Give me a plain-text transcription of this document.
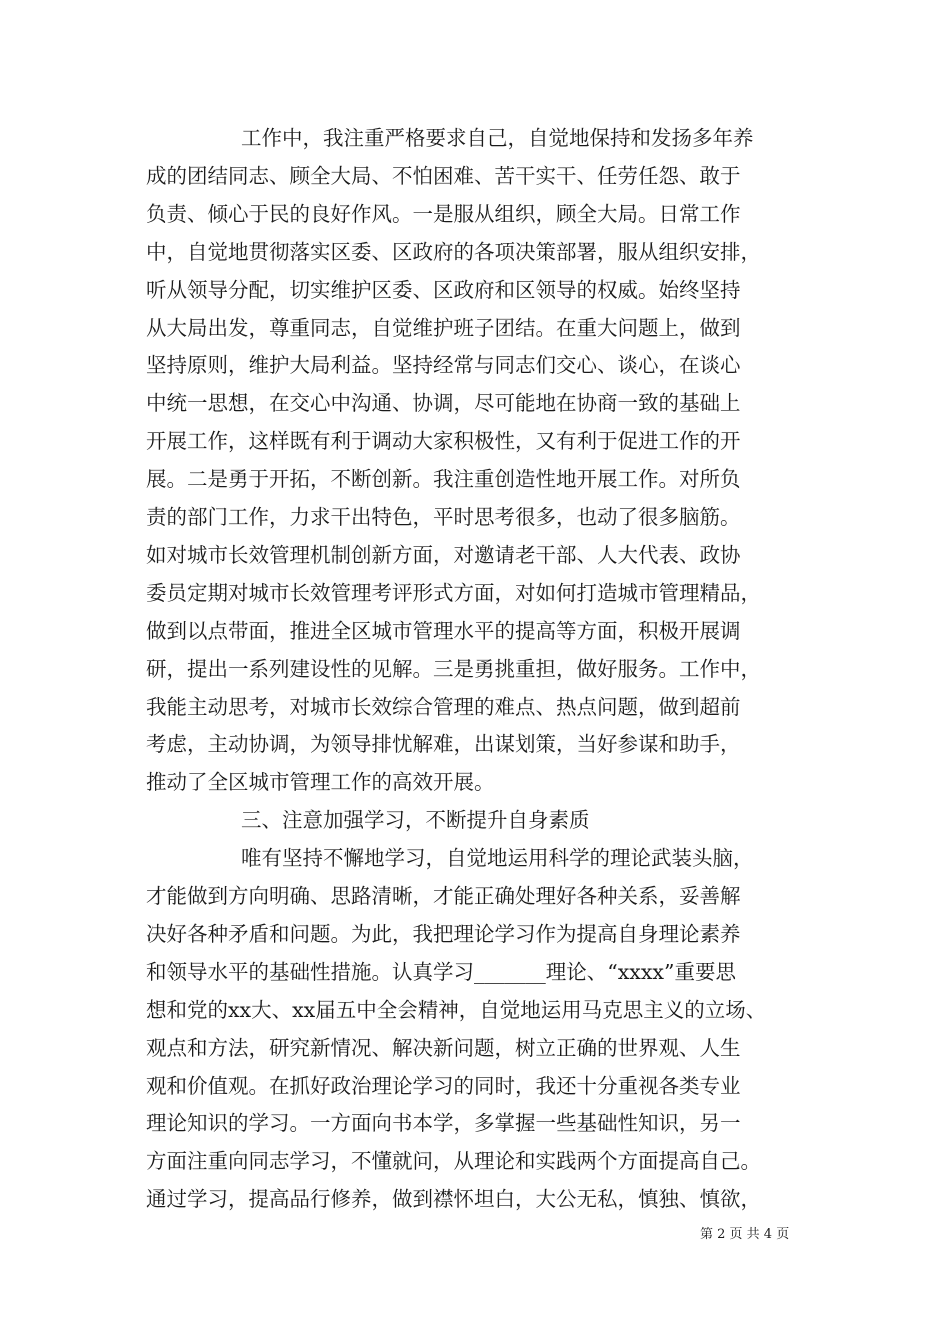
工作中，我注重严格要求自己，自觉地保持和发扬多年养
成的团结同志、顾全大局、不怕困难、苦干实干、任劳任怨、敢于
负责、倾心于民的良好作风。一是服从组织，顾全大局。日常工作
中，自觉地贯彻落实区委、区政府的各项决策部署，服从组织安排，
听从领导分配，切实维护区委、区政府和区领导的权威。始终坚持
从大局出发，尊重同志，自觉维护班子团结。在重大问题上，做到
坚持原则，维护大局利益。坚持经常与同志们交心、谈心，在谈心
中统一思想，在交心中沟通、协调，尽可能地在协商一致的基础上
开展工作，这样既有利于调动大家积极性，又有利于促进工作的开
展。二是勇于开拓，不断创新。我注重创造性地开展工作。对所负
责的部门工作，力求干出特色，平时思考很多，也动了很多脑筋。
如对城市长效管理机制创新方面，对邀请老干部、人大代表、政协
委员定期对城市长效管理考评形式方面，对如何打造城市管理精品，
做到以点带面，推进全区城市管理水平的提高等方面，积极开展调
研，提出一系列建设性的见解。三是勇挑重担，做好服务。工作中，
我能主动思考，对城市长效综合管理的难点、热点问题，做到超前
考虑，主动协调，为领导排忧解难，出谋划策，当好参谋和助手，
推动了全区城市管理工作的高效开展。
三、注意加强学习，不断提升自身素质
唯有坚持不懈地学习，自觉地运用科学的理论武装头脑，
才能做到方向明确、思路清晰，才能正确处理好各种关系，妥善解
决好各种矛盾和问题。为此，我把理论学习作为提高自身理论素养
和领导水平的基础性措施。认真学习_______理论、“xxxx”重要思
想和党的xx大、xx届五中全会精神，自觉地运用马克思主义的立场、
观点和方法，研究新情况、解决新问题，树立正确的世界观、人生
观和价值观。在抓好政治理论学习的同时，我还十分重视各类专业
理论知识的学习。一方面向书本学，多掌握一些基础性知识，另一
方面注重向同志学习，不懂就问，从理论和实践两个方面提高自己。
通过学习，提高品行修养，做到襟怀坦白，大公无私，慎独、慎欲，
第 2 页 共 4 页
